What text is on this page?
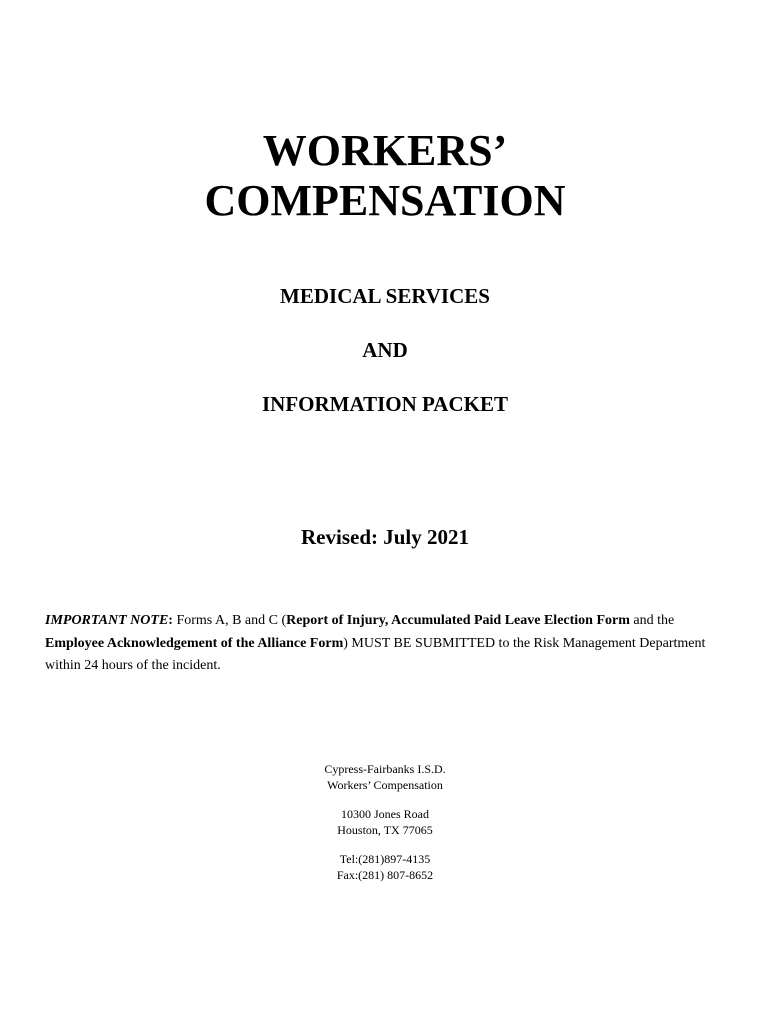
WORKERS’
COMPENSATION
MEDICAL SERVICES
AND
INFORMATION PACKET
Revised: July 2021
IMPORTANT NOTE: Forms A, B and C (Report of Injury, Accumulated Paid Leave Election Form and the Employee Acknowledgement of the Alliance Form) MUST BE SUBMITTED to the Risk Management Department within 24 hours of the incident.
Cypress-Fairbanks I.S.D.
Workers’ Compensation
10300 Jones Road
Houston, TX 77065
Tel:(281)897-4135
Fax:(281) 807-8652
